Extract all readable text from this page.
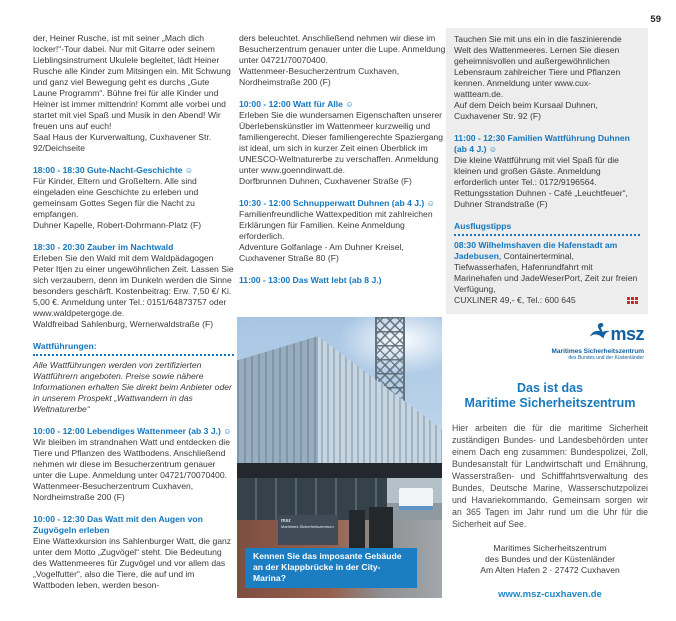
59
der, Heiner Rusche, ist mit seiner „Mach dich locker!“-Tour dabei. Nur mit Gitarre oder seinem Lieblingsinstrument Ukulele begleitet, lädt Heiner Rusche alle Kinder zum Mitsingen ein. Mit Schwung und ganz viel Bewegung geht es durchs „Gute Laune Programm“. Bühne frei für alle Kinder und Heiner ist immer mittendrin! Kommt alle vorbei und startet mit viel Spaß und Musik in den Abend! Wir freuen uns auf euch!
Saal Haus der Kurverwaltung, Cuxhavener Str. 92/Deichseite
18:00 - 18:30 Gute-Nacht-Geschichte ☺
Für Kinder, Eltern und Großeltern. Alle sind eingeladen eine Geschichte zu erleben und gemeinsam Gottes Segen für die Nacht zu empfangen.
Duhner Kapelle, Robert-Dohrmann-Platz (F)
18:30 - 20:30 Zauber im Nachtwald
Erleben Sie den Wald mit dem Waldpädagogen Peter Itjen zu einer ungewöhnlichen Zeit. Lassen Sie sich verzaubern, denn im Dunkeln werden die Sinne besonders geschärft. Kostenbeitrag: Erw. 7,50 €/ Ki. 5,00 €. Anmeldung unter Tel.: 0151/64873757 oder www.waldpetergoge.de.
Waldfreibad Sahlenburg, Wernerwaldstraße (F)
Wattführungen:
Alle Wattführungen werden von zertifizierten Wattführern angeboten. Preise sowie nähere Informationen erhalten Sie direkt beim Anbieter oder in unserem Prospekt „Wattwandern in das Weltnaturerbe“
10:00 - 12:00 Lebendiges Wattenmeer (ab 3 J.) ☺
Wir bleiben im strandnahen Watt und entdecken die Tiere und Pflanzen des Wattbodens. Anschließend nehmen wir diese im Besucherzentrum genauer unter die Lupe. Anmeldung unter 04721/70070400.
Wattenmeer-Besucherzentrum Cuxhaven, Nordheimstraße 200 (F)
10:00 - 12:30 Das Watt mit den Augen von Zugvögeln erleben
Eine Wattexkursion ins Sahlenburger Watt, die ganz unter dem Motto „Zugvögel“ steht. Die Bedeutung des Wattenmeeres für Zugvögel und vor allem das „Vogelfutter“, also die Tiere, die auf und im Wattboden leben, werden beson-
ders beleuchtet. Anschließend nehmen wir diese im Besucherzentrum genauer unter die Lupe. Anmeldung unter 04721/70070400.
Wattenmeer-Besucherzentrum Cuxhaven, Nordheimstraße 200 (F)
10:00 - 12:00 Watt für Alle ☺
Erleben Sie die wundersamen Eigenschaften unserer Überlebenskünstler im Wattenmeer kurzweilig und familiengerecht. Dieser familiengerechte Spaziergang ist ideal, um sich in kurzer Zeit einen Überblick im UNESCO-Weltnaturerbe zu verschaffen. Anmeldung unter www.goenndirwatt.de.
Dorfbrunnen Duhnen, Cuxhavener Straße (F)
10:30 - 12:00 Schnupperwatt Duhnen (ab 4 J.) ☺
Familienfreundliche Wattexpedition mit zahlreichen Erklärungen für Familien. Keine Anmeldung erforderlich.
Adventure Golfanlage - Am Duhner Kreisel, Cuxhavener Straße 80 (F)
11:00 - 13:00 Das Watt lebt (ab 8 J.)
msz
Maritimes Sicherheitszentrum
Kennen Sie das imposante Gebäude an der Klappbrücke in der City-Marina?
Tauchen Sie mit uns ein in die faszinierende Welt des Wattenmeeres. Lernen Sie diesen geheimnisvollen und außergewöhnlichen Lebensraum zahlreicher Tiere und Pflanzen kennen. Anmeldung unter www.cux-wattteam.de.
Auf dem Deich beim Kursaal Duhnen, Cuxhavener Str. 92 (F)
11:00 - 12:30 Familien Wattführung Duhnen (ab 4 J.) ☺
Die kleine Wattführung mit viel Spaß für die kleinen und großen Gäste. Anmeldung erforderlich unter Tel.: 0172/9196564.
Rettungsstation Duhnen - Café „Leuchtfeuer“, Duhner Strandstraße (F)
Ausflugstipps
08:30 Wilhelmshaven die Hafenstadt am Jadebusen, Containerterminal, Tiefwasserhafen, Hafenrundfahrt mit Marinehafen und JadeWeserPort, Zeit zur freien Verfügung,
CUXLINER 49,- €, Tel.: 600 645
msz
Maritimes Sicherheitszentrum
des Bundes und der Küstenländer
Das ist das
Maritime Sicherheitszentrum
Hier arbeiten die für die maritime Sicherheit zuständigen Bundes- und Landesbehörden unter einem Dach eng zusammen: Bundespolizei, Zoll, Bundesanstalt für Landwirtschaft und Ernährung, Wasserstraßen- und Schifffahrtsverwaltung des Bundes, Deutsche Marine, Wasserschutzpolizei und Havariekommando. Gemeinsam sorgen wir an 365 Tagen im Jahr rund um die Uhr für die Sicherheit auf See.
Maritimes Sicherheitszentrum
des Bundes und der Küstenländer
Am Alten Hafen 2 · 27472 Cuxhaven
www.msz-cuxhaven.de
